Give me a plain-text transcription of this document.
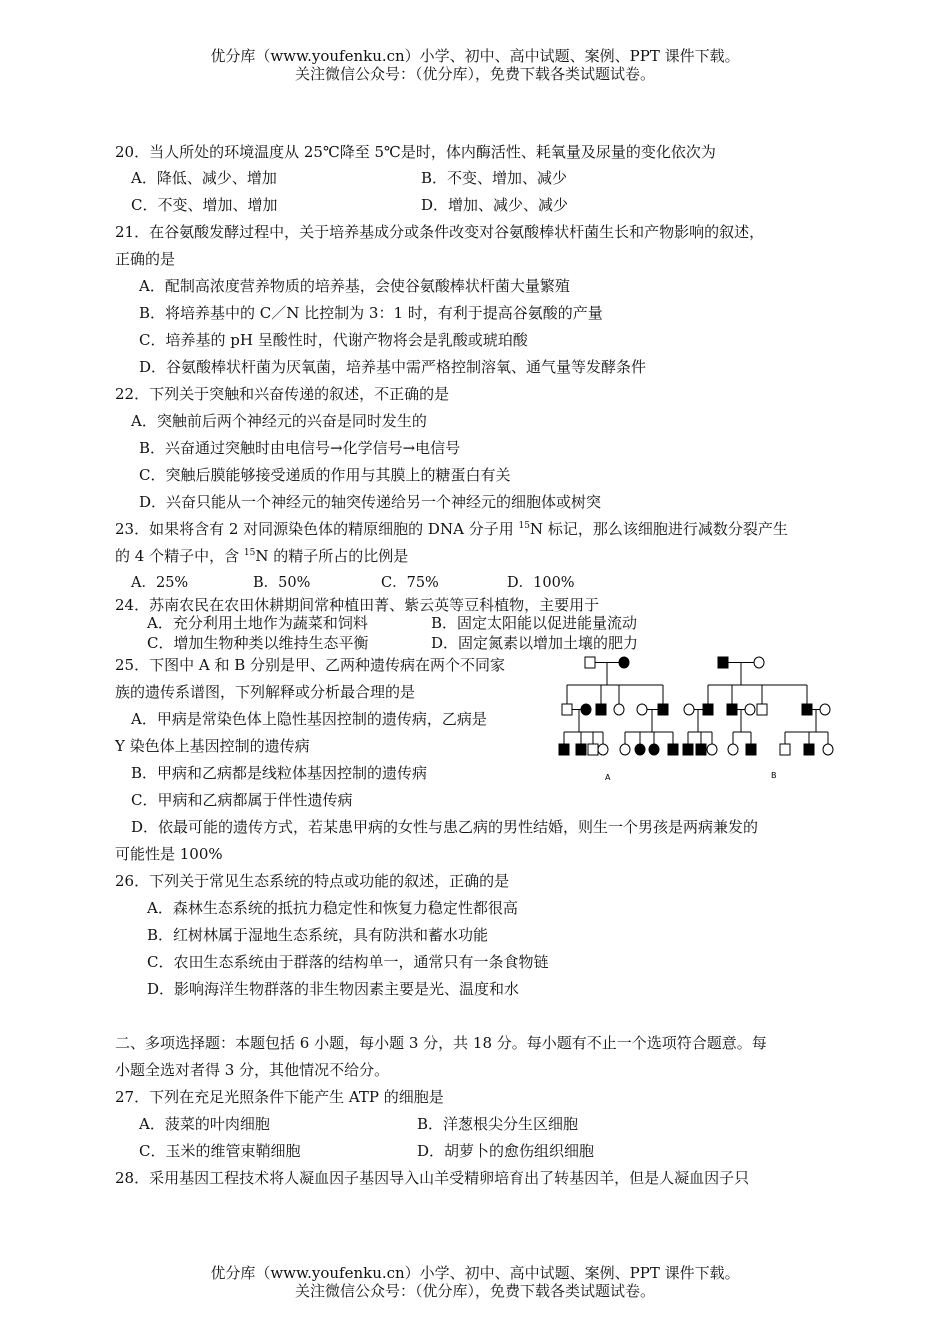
优分库（www.youfenku.cn）小学、初中、高中试题、案例、PPT 课件下载。
关注微信公众号：（优分库），免费下载各类试题试卷。
20．当人所处的环境温度从 25℃降至 5℃是时，体内酶活性、耗氧量及尿量的变化依次为
A．降低、减少、增加	B．不变、增加、减少
C．不变、增加、增加	D．增加、减少、减少
21．在谷氨酸发酵过程中，关于培养基成分或条件改变对谷氨酸棒状杆菌生长和产物影响的叙述，
正确的是
A．配制高浓度营养物质的培养基，会使谷氨酸棒状杆菌大量繁殖
B．将培养基中的 C／N 比控制为 3：1 时，有利于提高谷氨酸的产量
C．培养基的 pH 呈酸性时，代谢产物将会是乳酸或琥珀酸
D．谷氨酸棒状杆菌为厌氧菌，培养基中需严格控制溶氧、通气量等发酵条件
22．下列关于突触和兴奋传递的叙述，不正确的是
A．突触前后两个神经元的兴奋是同时发生的
B．兴奋通过突触时由电信号→化学信号→电信号
C．突触后膜能够接受递质的作用与其膜上的糖蛋白有关
D．兴奋只能从一个神经元的轴突传递给另一个神经元的细胞体或树突
23．如果将含有 2 对同源染色体的精原细胞的 DNA 分子用 $^{15}$N 标记，那么该细胞进行减数分裂产生
的 4 个精子中，含 $^{15}$N 的精子所占的比例是
A．25%	B．50%	C．75%	D．100%
24．苏南农民在农田休耕期间常种植田菁、紫云英等豆科植物，主要用于
A．充分利用土地作为蔬菜和饲料	B．固定太阳能以促进能量流动
C．增加生物种类以维持生态平衡	D．固定氮素以增加土壤的肥力
25．下图中 A 和 B 分别是甲、乙两种遗传病在两个不同家
族的遗传系谱图，下列解释或分析最合理的是
A．甲病是常染色体上隐性基因控制的遗传病，乙病是
Y 染色体上基因控制的遗传病
B．甲病和乙病都是线粒体基因控制的遗传病
C．甲病和乙病都属于伴性遗传病
D．依最可能的遗传方式，若某患甲病的女性与患乙病的男性结婚，则生一个男孩是两病兼发的
可能性是 100%
A	B
26．下列关于常见生态系统的特点或功能的叙述，正确的是
A．森林生态系统的抵抗力稳定性和恢复力稳定性都很高
B．红树林属于湿地生态系统，具有防洪和蓄水功能
C．农田生态系统由于群落的结构单一，通常只有一条食物链
D．影响海洋生物群落的非生物因素主要是光、温度和水
二、多项选择题：本题包括 6 小题，每小题 3 分，共 18 分。每小题有不止一个选项符合题意。每
小题全选对者得 3 分，其他情况不给分。
27．下列在充足光照条件下能产生 ATP 的细胞是
A．菠菜的叶肉细胞	B．洋葱根尖分生区细胞
C．玉米的维管束鞘细胞	D．胡萝卜的愈伤组织细胞
28．采用基因工程技术将人凝血因子基因导入山羊受精卵培育出了转基因羊，但是人凝血因子只
优分库（www.youfenku.cn）小学、初中、高中试题、案例、PPT 课件下载。
关注微信公众号：（优分库），免费下载各类试题试卷。
